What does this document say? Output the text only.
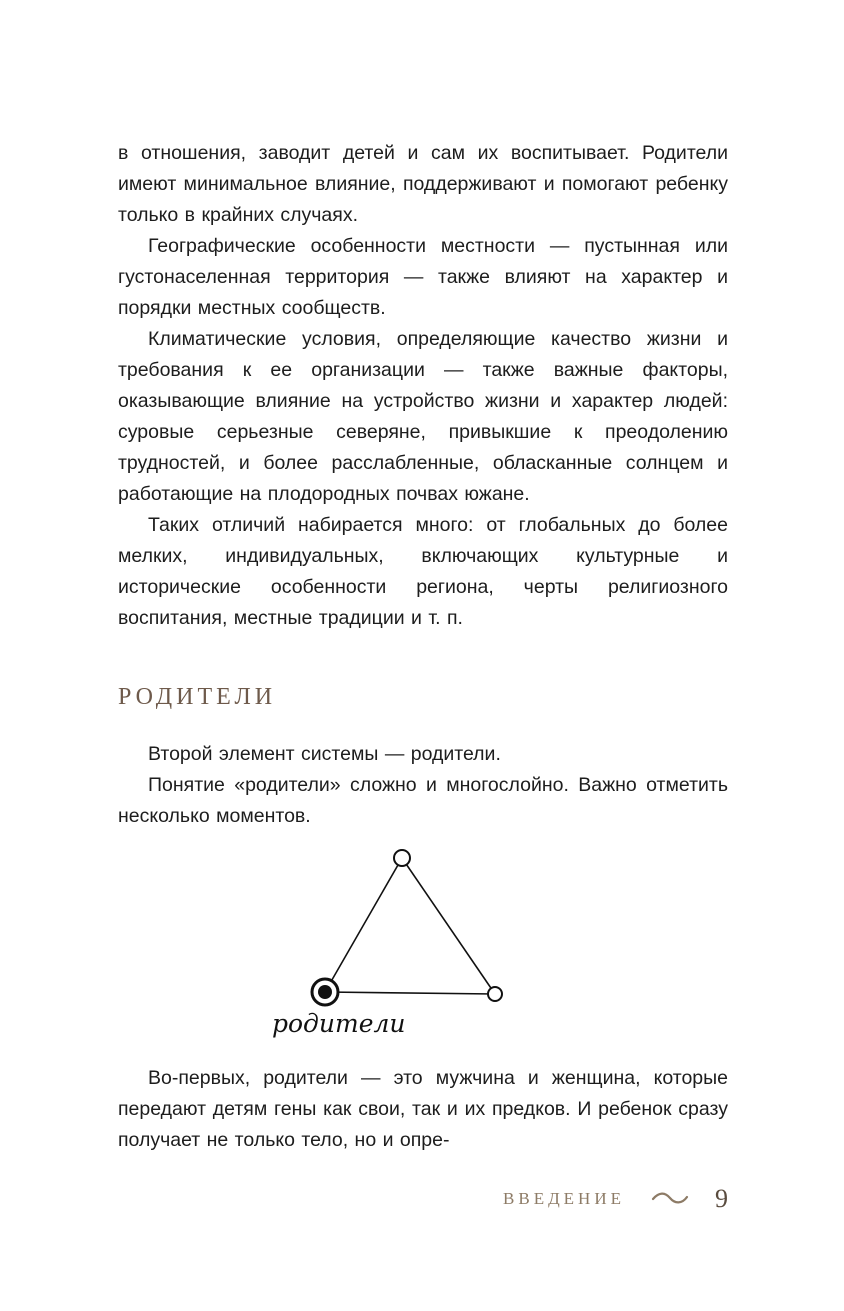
в отношения, заводит детей и сам их воспитывает. Родители имеют минимальное влияние, поддерживают и помогают ребенку только в крайних случаях.

Географические особенности местности — пустынная или густонаселенная территория — также влияют на характер и порядки местных сообществ.

Климатические условия, определяющие качество жизни и требования к ее организации — также важные факторы, оказывающие влияние на устройство жизни и характер людей: суровые серьезные северяне, привыкшие к преодолению трудностей, и более расслабленные, обласканные солнцем и работающие на плодородных почвах южане.

Таких отличий набирается много: от глобальных до более мелких, индивидуальных, включающих культурные и исторические особенности региона, черты религиозного воспитания, местные традиции и т. п.

РОДИТЕЛИ

Второй элемент системы — родители.

Понятие «родители» сложно и многослойно. Важно отметить несколько моментов.

родители

Во-первых, родители — это мужчина и женщина, которые передают детям гены как свои, так и их предков. И ребенок сразу получает не только тело, но и опре-

ВВЕДЕНИЕ	9
